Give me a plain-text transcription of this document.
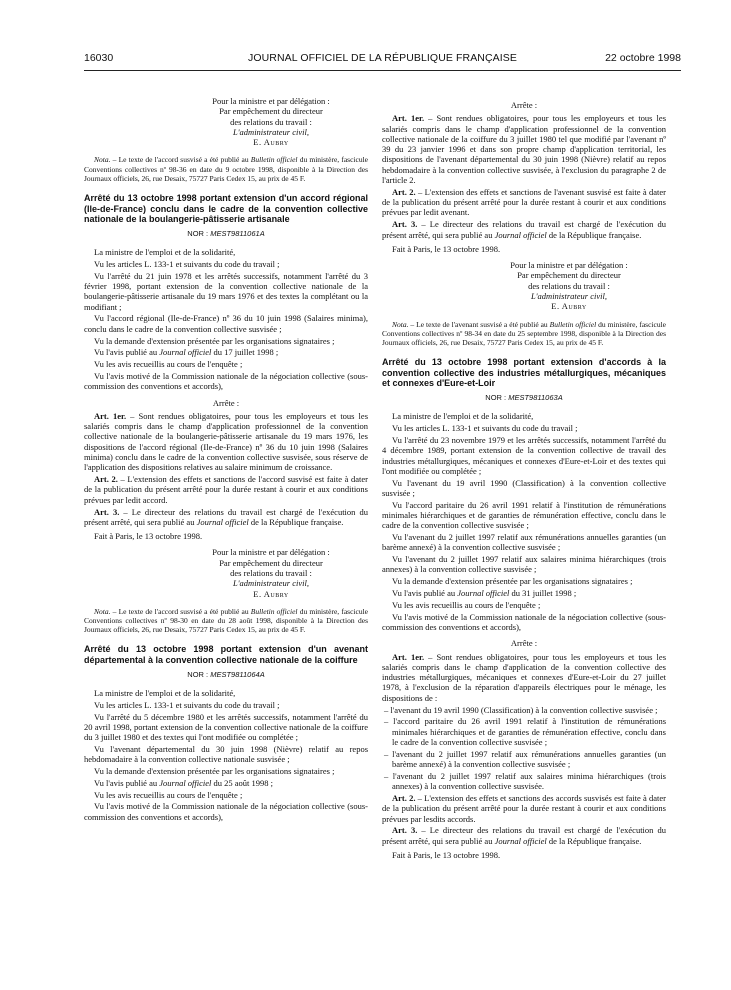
16030	JOURNAL OFFICIEL DE LA RÉPUBLIQUE FRANÇAISE	22 octobre 1998
Pour la ministre et par délégation :
Par empêchement du directeur
des relations du travail :
L'administrateur civil,
E. Aubry

Nota. – Le texte de l'accord susvisé a été publié au Bulletin officiel du ministère, fascicule Conventions collectives nº 98-36 en date du 9 octobre 1998, disponible à la Direction des Journaux officiels, 26, rue Desaix, 75727 Paris Cedex 15, au prix de 45 F.

Arrêté du 13 octobre 1998 portant extension d'un accord régional (Ile-de-France) conclu dans le cadre de la convention collective nationale de la boulangerie-pâtisserie artisanale
NOR : MEST9811061A

La ministre de l'emploi et de la solidarité,

Vu les articles L. 133-1 et suivants du code du travail ;

Vu l'arrêté du 21 juin 1978 et les arrêtés successifs, notamment l'arrêté du 3 février 1998, portant extension de la convention collective nationale de la boulangerie-pâtisserie artisanale du 19 mars 1976 et des textes la complétant ou la modifiant ;

Vu l'accord régional (Ile-de-France) nº 36 du 10 juin 1998 (Salaires minima), conclu dans le cadre de la convention collective susvisée ;

Vu la demande d'extension présentée par les organisations signataires ;

Vu l'avis publié au Journal officiel du 17 juillet 1998 ;

Vu les avis recueillis au cours de l'enquête ;

Vu l'avis motivé de la Commission nationale de la négociation collective (sous-commission des conventions et accords),

Arrête :

Art. 1er. – Sont rendues obligatoires, pour tous les employeurs et tous les salariés compris dans le champ d'application professionnel de la convention collective nationale de la boulangerie-pâtisserie artisanale du 19 mars 1976, les dispositions de l'accord régional (Ile-de-France) nº 36 du 10 juin 1998 (Salaires minima) conclu dans le cadre de la convention collective susvisée, sous réserve de l'application des dispositions relatives au salaire minimum de croissance.

Art. 2. – L'extension des effets et sanctions de l'accord susvisé est faite à dater de la publication du présent arrêté pour la durée restant à courir et aux conditions prévues par ledit accord.

Art. 3. – Le directeur des relations du travail est chargé de l'exécution du présent arrêté, qui sera publié au Journal officiel de la République française.

Fait à Paris, le 13 octobre 1998.

Pour la ministre et par délégation :
Par empêchement du directeur
des relations du travail :
L'administrateur civil,
E. Aubry

Nota. – Le texte de l'accord susvisé a été publié au Bulletin officiel du ministère, fascicule Conventions collectives nº 98-30 en date du 28 août 1998, disponible à la Direction des Journaux officiels, 26, rue Desaix, 75727 Paris Cedex 15, au prix de 45 F.

Arrêté du 13 octobre 1998 portant extension d'un avenant départemental à la convention collective nationale de la coiffure
NOR : MEST9811064A

La ministre de l'emploi et de la solidarité,

Vu les articles L. 133-1 et suivants du code du travail ;

Vu l'arrêté du 5 décembre 1980 et les arrêtés successifs, notamment l'arrêté du 20 avril 1998, portant extension de la convention collective nationale de la coiffure du 3 juillet 1980 et des textes qui l'ont modifiée ou complétée ;

Vu l'avenant départemental du 30 juin 1998 (Nièvre) relatif au repos hebdomadaire à la convention collective nationale susvisée ;

Vu la demande d'extension présentée par les organisations signataires ;

Vu l'avis publié au Journal officiel du 25 août 1998 ;

Vu les avis recueillis au cours de l'enquête ;

Vu l'avis motivé de la Commission nationale de la négociation collective (sous-commission des conventions et accords),

Arrête :

Art. 1er. – Sont rendues obligatoires, pour tous les employeurs et tous les salariés compris dans le champ d'application professionnel de la convention collective nationale de la coiffure du 3 juillet 1980 tel que modifié par l'avenant nº 39 du 23 janvier 1996 et dans son propre champ d'application territorial, les dispositions de l'avenant départemental du 30 juin 1998 (Nièvre) relatif au repos hebdomadaire à la convention collective susvisée, à l'exclusion du paragraphe 2 de l'article 2.

Art. 2. – L'extension des effets et sanctions de l'avenant susvisé est faite à dater de la publication du présent arrêté pour la durée restant à courir et aux conditions prévues par ledit avenant.

Art. 3. – Le directeur des relations du travail est chargé de l'exécution du présent arrêté, qui sera publié au Journal officiel de la République française.

Fait à Paris, le 13 octobre 1998.

Pour la ministre et par délégation :
Par empêchement du directeur
des relations du travail :
L'administrateur civil,
E. Aubry

Nota. – Le texte de l'avenant susvisé a été publié au Bulletin officiel du ministère, fascicule Conventions collectives nº 98-34 en date du 25 septembre 1998, disponible à la Direction des Journaux officiels, 26, rue Desaix, 75727 Paris Cedex 15, au prix de 45 F.

Arrêté du 13 octobre 1998 portant extension d'accords à la convention collective des industries métallurgiques, mécaniques et connexes d'Eure-et-Loir
NOR : MEST9811063A

La ministre de l'emploi et de la solidarité,

Vu les articles L. 133-1 et suivants du code du travail ;

Vu l'arrêté du 23 novembre 1979 et les arrêtés successifs, notamment l'arrêté du 4 décembre 1989, portant extension de la convention collective de travail des industries métallurgiques, mécaniques et connexes d'Eure-et-Loir et des textes qui l'ont modifiée ou complétée ;

Vu l'avenant du 19 avril 1990 (Classification) à la convention collective susvisée ;

Vu l'accord paritaire du 26 avril 1991 relatif à l'institution de rémunérations minimales hiérarchiques et de garanties de rémunération effective, conclu dans le cadre de la convention collective susvisée ;

Vu l'avenant du 2 juillet 1997 relatif aux rémunérations annuelles garanties (un barème annexé) à la convention collective susvisée ;

Vu l'avenant du 2 juillet 1997 relatif aux salaires minima hiérarchiques (trois annexes) à la convention collective susvisée ;

Vu la demande d'extension présentée par les organisations signataires ;

Vu l'avis publié au Journal officiel du 31 juillet 1998 ;

Vu les avis recueillis au cours de l'enquête ;

Vu l'avis motivé de la Commission nationale de la négociation collective (sous-commission des conventions et accords),

Arrête :

Art. 1er. – Sont rendues obligatoires, pour tous les employeurs et tous les salariés compris dans le champ d'application de la convention collective des industries métallurgiques, mécaniques et connexes d'Eure-et-Loir du 27 juillet 1978, à l'exclusion de la réparation d'appareils électriques pour le ménage, les dispositions de :

– l'avenant du 19 avril 1990 (Classification) à la convention collective susvisée ;

– l'accord paritaire du 26 avril 1991 relatif à l'institution de rémunérations minimales hiérarchiques et de garanties de rémunération effective, conclu dans le cadre de la convention collective susvisée ;

– l'avenant du 2 juillet 1997 relatif aux rémunérations annuelles garanties (un barème annexé) à la convention collective susvisée ;

– l'avenant du 2 juillet 1997 relatif aux salaires minima hiérarchiques (trois annexes) à la convention collective susvisée.

Art. 2. – L'extension des effets et sanctions des accords susvisés est faite à dater de la publication du présent arrêté pour la durée restant à courir et aux conditions prévues par lesdits accords.

Art. 3. – Le directeur des relations du travail est chargé de l'exécution du présent arrêté, qui sera publié au Journal officiel de la République française.

Fait à Paris, le 13 octobre 1998.
